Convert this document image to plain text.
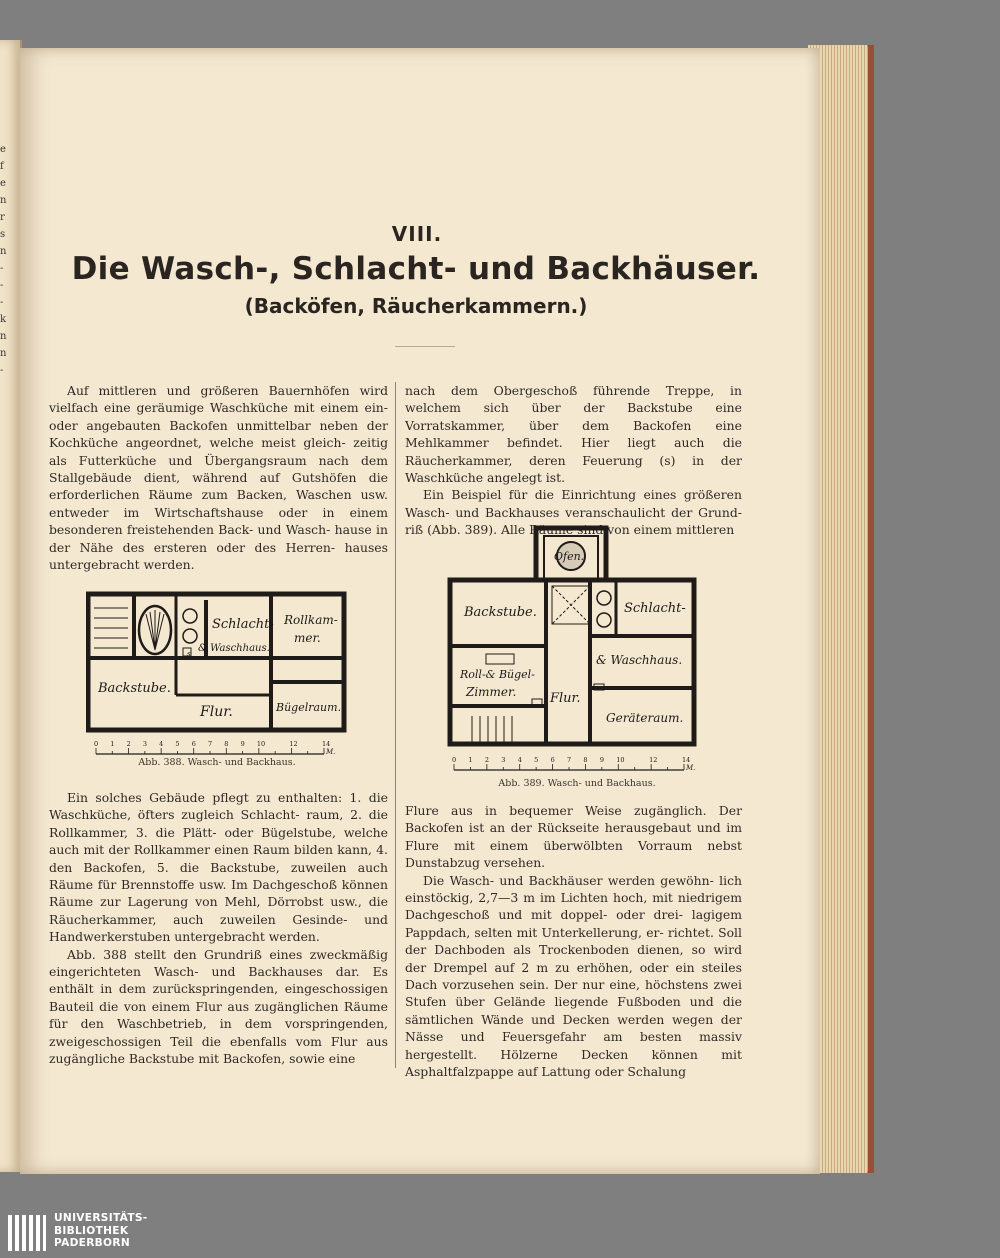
e
f
e
n
r
s
n
-
-
-
k
n
n
-
VIII.
Die Wasch-, Schlacht- und Backhäuser.
(Backöfen, Räucherkammern.)

Auf mittleren und größeren Bauernhöfen wird vielfach eine geräumige Waschküche mit einem ein- oder angebauten Backofen unmittelbar neben der Kochküche angeordnet, welche meist gleich- zeitig als Futterküche und Übergangsraum nach dem Stallgebäude dient, während auf Gutshöfen die erforderlichen Räume zum Backen, Waschen usw. entweder im Wirtschaftshause oder in einem besonderen freistehenden Back- und Wasch- hause in der Nähe des ersteren oder des Herren- hauses untergebracht werden.

Schlacht-
& Waschhaus.
s
Rollkam-
mer.
Backstube.
Flur.	Bügelraum.
0 1 2 3 4 5 6 7 8 9 10	12	14
M.
Abb. 388. Wasch- und Backhaus.

Ein solches Gebäude pflegt zu enthalten: 1. die Waschküche, öfters zugleich Schlacht- raum, 2. die Rollkammer, 3. die Plätt- oder Bügelstube, welche auch mit der Rollkammer einen Raum bilden kann, 4. den Backofen, 5. die Backstube, zuweilen auch Räume für Brennstoffe usw. Im Dachgeschoß können Räume zur Lagerung von Mehl, Dörrobst usw., die Räucherkammer, auch zuweilen Gesinde- und Handwerkerstuben untergebracht werden.

Abb. 388 stellt den Grundriß eines zweckmäßig eingerichteten Wasch- und Backhauses dar. Es enthält in dem zurückspringenden, eingeschossigen Bauteil die von einem Flur aus zugänglichen Räume für den Waschbetrieb, in dem vorspringenden, zweigeschossigen Teil die ebenfalls vom Flur aus zugängliche Backstube mit Backofen, sowie eine

nach dem Obergeschoß führende Treppe, in welchem sich über der Backstube eine Vorratskammer, über dem Backofen eine Mehlkammer befindet. Hier liegt auch die Räucherkammer, deren Feuerung (s) in der Waschküche angelegt ist.

Ein Beispiel für die Einrichtung eines größeren Wasch- und Backhauses veranschaulicht der Grund- riß (Abb. 389). Alle Räume sind von einem mittleren

Ofen.
Backstube.	Schlacht-
& Waschhaus.
Roll-& Bügel-
Zimmer.	Flur.
Geräteraum.
0 1 2 3 4 5 6 7 8 9 10	12	14
M.
Abb. 389. Wasch- und Backhaus.

Flure aus in bequemer Weise zugänglich. Der Backofen ist an der Rückseite herausgebaut und im Flure mit einem überwölbten Vorraum nebst Dunstabzug versehen.

Die Wasch- und Backhäuser werden gewöhn- lich einstöckig, 2,7—3 m im Lichten hoch, mit niedrigem Dachgeschoß und mit doppel- oder drei- lagigem Pappdach, selten mit Unterkellerung, er- richtet. Soll der Dachboden als Trockenboden dienen, so wird der Drempel auf 2 m zu erhöhen, oder ein steiles Dach vorzusehen sein. Der nur eine, höchstens zwei Stufen über Gelände liegende Fußboden und die sämtlichen Wände und Decken werden wegen der Nässe und Feuersgefahr am besten massiv hergestellt. Hölzerne Decken können mit Asphaltfalzpappe auf Lattung oder Schalung

UNIVERSITÄTS-
BIBLIOTHEK
PADERBORN
